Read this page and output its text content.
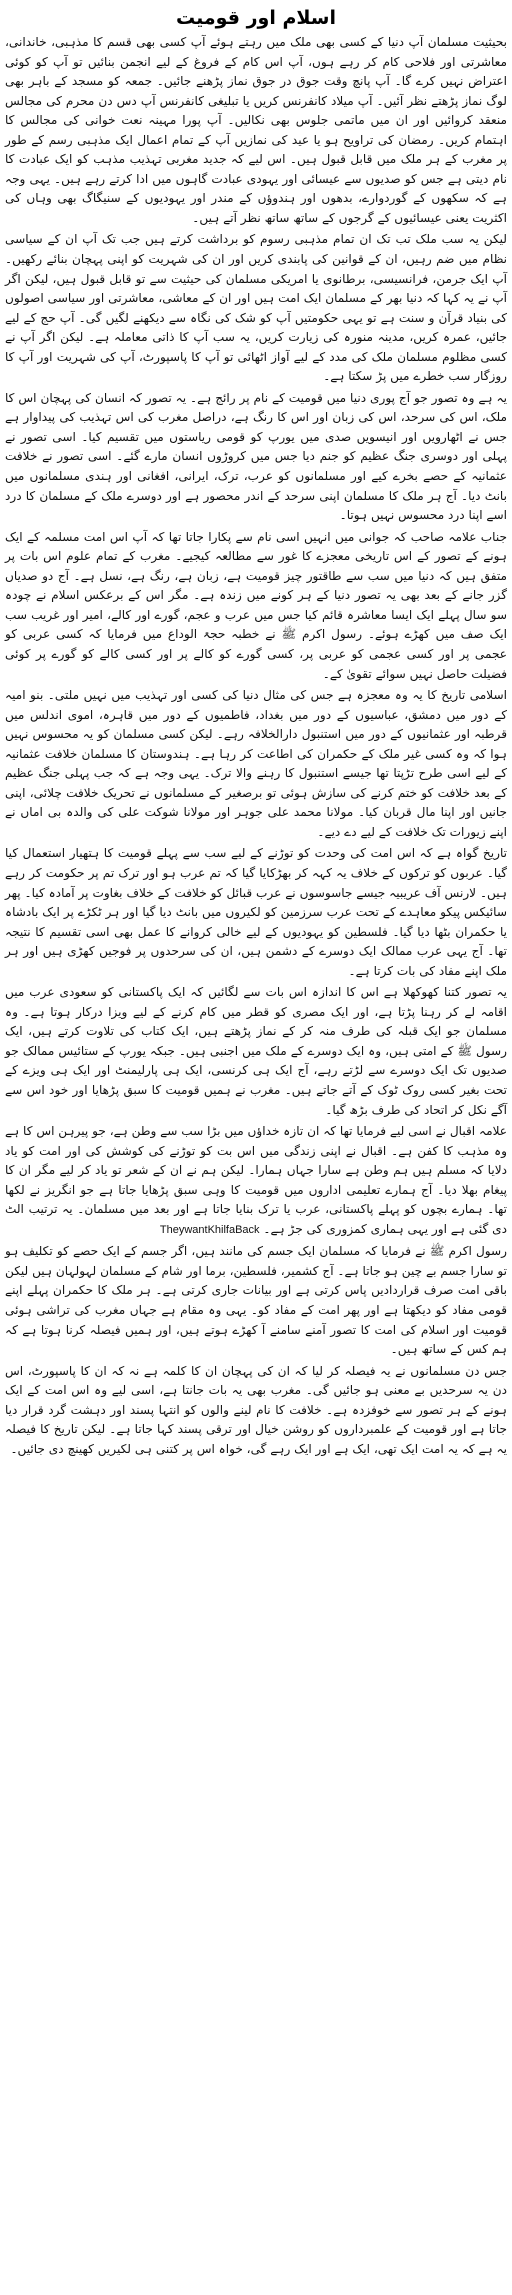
اسلام اور قومیت

بحیثیت مسلمان آپ دنیا کے کسی بھی ملک میں رہتے ہوئے آپ کسی بھی قسم کا مذہبی، خاندانی، معاشرتی اور فلاحی کام کر رہے ہوں، آپ اس کام کے فروغ کے لیے انجمن بنائیں تو آپ کو کوئی اعتراض نہیں کرے گا۔ آپ پانچ وقت جوق در جوق نماز پڑھنے جائیں۔ جمعہ کو مسجد کے باہر بھی لوگ نماز پڑھتے نظر آئیں۔ آپ میلاد کانفرنس کریں یا تبلیغی کانفرنس آپ دس دن محرم کی مجالس منعقد کروائیں اور ان میں ماتمی جلوس بھی نکالیں۔ آپ پورا مہینہ نعت خوانی کی مجالس کا اہتمام کریں۔ رمضان کی تراویح ہو یا عید کی نمازیں آپ کے تمام اعمال ایک مذہبی رسم کے طور پر مغرب کے ہر ملک میں قابل قبول ہیں۔ اس لیے کہ جدید مغربی تہذیب مذہب کو ایک عبادت کا نام دیتی ہے جس کو صدیوں سے عیسائی اور یہودی عبادت گاہوں میں ادا کرتے رہے ہیں۔ یہی وجہ ہے کہ سکھوں کے گوردوارے، بدھوں اور ہندوؤں کے مندر اور یہودیوں کے سنیگاگ بھی وہاں کی اکثریت یعنی عیسائیوں کے گرجوں کے ساتھ ساتھ نظر آتے ہیں۔

لیکن یہ سب ملک تب تک ان تمام مذہبی رسوم کو برداشت کرتے ہیں جب تک آپ ان کے سیاسی نظام میں ضم رہیں، ان کے قوانین کی پابندی کریں اور ان کی شہریت کو اپنی پہچان بنائے رکھیں۔ آپ ایک جرمن، فرانسیسی، برطانوی یا امریکی مسلمان کی حیثیت سے تو قابل قبول ہیں، لیکن اگر آپ نے یہ کہا کہ دنیا بھر کے مسلمان ایک امت ہیں اور ان کے معاشی، معاشرتی اور سیاسی اصولوں کی بنیاد قرآن و سنت ہے تو یہی حکومتیں آپ کو شک کی نگاہ سے دیکھنے لگیں گی۔ آپ حج کے لیے جائیں، عمرہ کریں، مدینہ منورہ کی زیارت کریں، یہ سب آپ کا ذاتی معاملہ ہے۔ لیکن اگر آپ نے کسی مظلوم مسلمان ملک کی مدد کے لیے آواز اٹھائی تو آپ کا پاسپورٹ، آپ کی شہریت اور آپ کا روزگار سب خطرے میں پڑ سکتا ہے۔

یہ ہے وہ تصور جو آج پوری دنیا میں قومیت کے نام پر رائج ہے۔ یہ تصور کہ انسان کی پہچان اس کا ملک، اس کی سرحد، اس کی زبان اور اس کا رنگ ہے، دراصل مغرب کی اس تہذیب کی پیداوار ہے جس نے اٹھارویں اور انیسویں صدی میں یورپ کو قومی ریاستوں میں تقسیم کیا۔ اسی تصور نے پہلی اور دوسری جنگ عظیم کو جنم دیا جس میں کروڑوں انسان مارے گئے۔ اسی تصور نے خلافت عثمانیہ کے حصے بخرے کیے اور مسلمانوں کو عرب، ترک، ایرانی، افغانی اور ہندی مسلمانوں میں بانٹ دیا۔ آج ہر ملک کا مسلمان اپنی سرحد کے اندر محصور ہے اور دوسرے ملک کے مسلمان کا درد اسے اپنا درد محسوس نہیں ہوتا۔

جناب علامہ صاحب کہ جوانی میں انہیں اسی نام سے پکارا جاتا تھا کہ آپ اس امت مسلمہ کے ایک ہونے کے تصور کے اس تاریخی معجزے کا غور سے مطالعہ کیجیے۔ مغرب کے تمام علوم اس بات پر متفق ہیں کہ دنیا میں سب سے طاقتور چیز قومیت ہے، زبان ہے، رنگ ہے، نسل ہے۔ آج دو صدیاں گزر جانے کے بعد بھی یہ تصور دنیا کے ہر کونے میں زندہ ہے۔ مگر اس کے برعکس اسلام نے چودہ سو سال پہلے ایک ایسا معاشرہ قائم کیا جس میں عرب و عجم، گورے اور کالے، امیر اور غریب سب ایک صف میں کھڑے ہوئے۔ رسول اکرم ﷺ نے خطبہ حجۃ الوداع میں فرمایا کہ کسی عربی کو عجمی پر اور کسی عجمی کو عربی پر، کسی گورے کو کالے پر اور کسی کالے کو گورے پر کوئی فضیلت حاصل نہیں سوائے تقویٰ کے۔

اسلامی تاریخ کا یہ وہ معجزہ ہے جس کی مثال دنیا کی کسی اور تہذیب میں نہیں ملتی۔ بنو امیہ کے دور میں دمشق، عباسیوں کے دور میں بغداد، فاطمیوں کے دور میں قاہرہ، اموی اندلس میں قرطبہ اور عثمانیوں کے دور میں استنبول دارالخلافہ رہے۔ لیکن کسی مسلمان کو یہ محسوس نہیں ہوا کہ وہ کسی غیر ملک کے حکمران کی اطاعت کر رہا ہے۔ ہندوستان کا مسلمان خلافت عثمانیہ کے لیے اسی طرح تڑپتا تھا جیسے استنبول کا رہنے والا ترک۔ یہی وجہ ہے کہ جب پہلی جنگ عظیم کے بعد خلافت کو ختم کرنے کی سازش ہوئی تو برصغیر کے مسلمانوں نے تحریک خلافت چلائی، اپنی جانیں اور اپنا مال قربان کیا۔ مولانا محمد علی جوہر اور مولانا شوکت علی کی والدہ بی اماں نے اپنے زیورات تک خلافت کے لیے دے دیے۔

تاریخ گواہ ہے کہ اس امت کی وحدت کو توڑنے کے لیے سب سے پہلے قومیت کا ہتھیار استعمال کیا گیا۔ عربوں کو ترکوں کے خلاف یہ کہہ کر بھڑکایا گیا کہ تم عرب ہو اور ترک تم پر حکومت کر رہے ہیں۔ لارنس آف عریبیہ جیسے جاسوسوں نے عرب قبائل کو خلافت کے خلاف بغاوت پر آمادہ کیا۔ پھر سائیکس پیکو معاہدے کے تحت عرب سرزمین کو لکیروں میں بانٹ دیا گیا اور ہر ٹکڑے پر ایک بادشاہ یا حکمران بٹھا دیا گیا۔ فلسطین کو یہودیوں کے لیے خالی کروانے کا عمل بھی اسی تقسیم کا نتیجہ تھا۔ آج یہی عرب ممالک ایک دوسرے کے دشمن ہیں، ان کی سرحدوں پر فوجیں کھڑی ہیں اور ہر ملک اپنے مفاد کی بات کرتا ہے۔

یہ تصور کتنا کھوکھلا ہے اس کا اندازہ اس بات سے لگائیں کہ ایک پاکستانی کو سعودی عرب میں اقامہ لے کر رہنا پڑتا ہے، اور ایک مصری کو قطر میں کام کرنے کے لیے ویزا درکار ہوتا ہے۔ وہ مسلمان جو ایک قبلہ کی طرف منہ کر کے نماز پڑھتے ہیں، ایک کتاب کی تلاوت کرتے ہیں، ایک رسول ﷺ کے امتی ہیں، وہ ایک دوسرے کے ملک میں اجنبی ہیں۔ جبکہ یورپ کے ستائیس ممالک جو صدیوں تک ایک دوسرے سے لڑتے رہے، آج ایک ہی کرنسی، ایک ہی پارلیمنٹ اور ایک ہی ویزے کے تحت بغیر کسی روک ٹوک کے آتے جاتے ہیں۔ مغرب نے ہمیں قومیت کا سبق پڑھایا اور خود اس سے آگے نکل کر اتحاد کی طرف بڑھ گیا۔

علامہ اقبال نے اسی لیے فرمایا تھا کہ ان تازہ خداؤں میں بڑا سب سے وطن ہے، جو پیرہن اس کا ہے وہ مذہب کا کفن ہے۔ اقبال نے اپنی زندگی میں اس بت کو توڑنے کی کوشش کی اور امت کو یاد دلایا کہ مسلم ہیں ہم وطن ہے سارا جہاں ہمارا۔ لیکن ہم نے ان کے شعر تو یاد کر لیے مگر ان کا پیغام بھلا دیا۔ آج ہمارے تعلیمی اداروں میں قومیت کا وہی سبق پڑھایا جاتا ہے جو انگریز نے لکھا تھا۔ ہمارے بچوں کو پہلے پاکستانی، عرب یا ترک بنایا جاتا ہے اور بعد میں مسلمان۔ یہ ترتیب الٹ دی گئی ہے اور یہی ہماری کمزوری کی جڑ ہے۔ TheywantKhilfaBack

رسول اکرم ﷺ نے فرمایا کہ مسلمان ایک جسم کی مانند ہیں، اگر جسم کے ایک حصے کو تکلیف ہو تو سارا جسم بے چین ہو جاتا ہے۔ آج کشمیر، فلسطین، برما اور شام کے مسلمان لہولہان ہیں لیکن باقی امت صرف قراردادیں پاس کرتی ہے اور بیانات جاری کرتی ہے۔ ہر ملک کا حکمران پہلے اپنے قومی مفاد کو دیکھتا ہے اور پھر امت کے مفاد کو۔ یہی وہ مقام ہے جہاں مغرب کی تراشی ہوئی قومیت اور اسلام کی امت کا تصور آمنے سامنے آ کھڑے ہوتے ہیں، اور ہمیں فیصلہ کرنا ہوتا ہے کہ ہم کس کے ساتھ ہیں۔

جس دن مسلمانوں نے یہ فیصلہ کر لیا کہ ان کی پہچان ان کا کلمہ ہے نہ کہ ان کا پاسپورٹ، اس دن یہ سرحدیں بے معنی ہو جائیں گی۔ مغرب بھی یہ بات جانتا ہے، اسی لیے وہ اس امت کے ایک ہونے کے ہر تصور سے خوفزدہ ہے۔ خلافت کا نام لینے والوں کو انتہا پسند اور دہشت گرد قرار دیا جاتا ہے اور قومیت کے علمبرداروں کو روشن خیال اور ترقی پسند کہا جاتا ہے۔ لیکن تاریخ کا فیصلہ یہ ہے کہ یہ امت ایک تھی، ایک ہے اور ایک رہے گی، خواہ اس پر کتنی ہی لکیریں کھینچ دی جائیں۔
